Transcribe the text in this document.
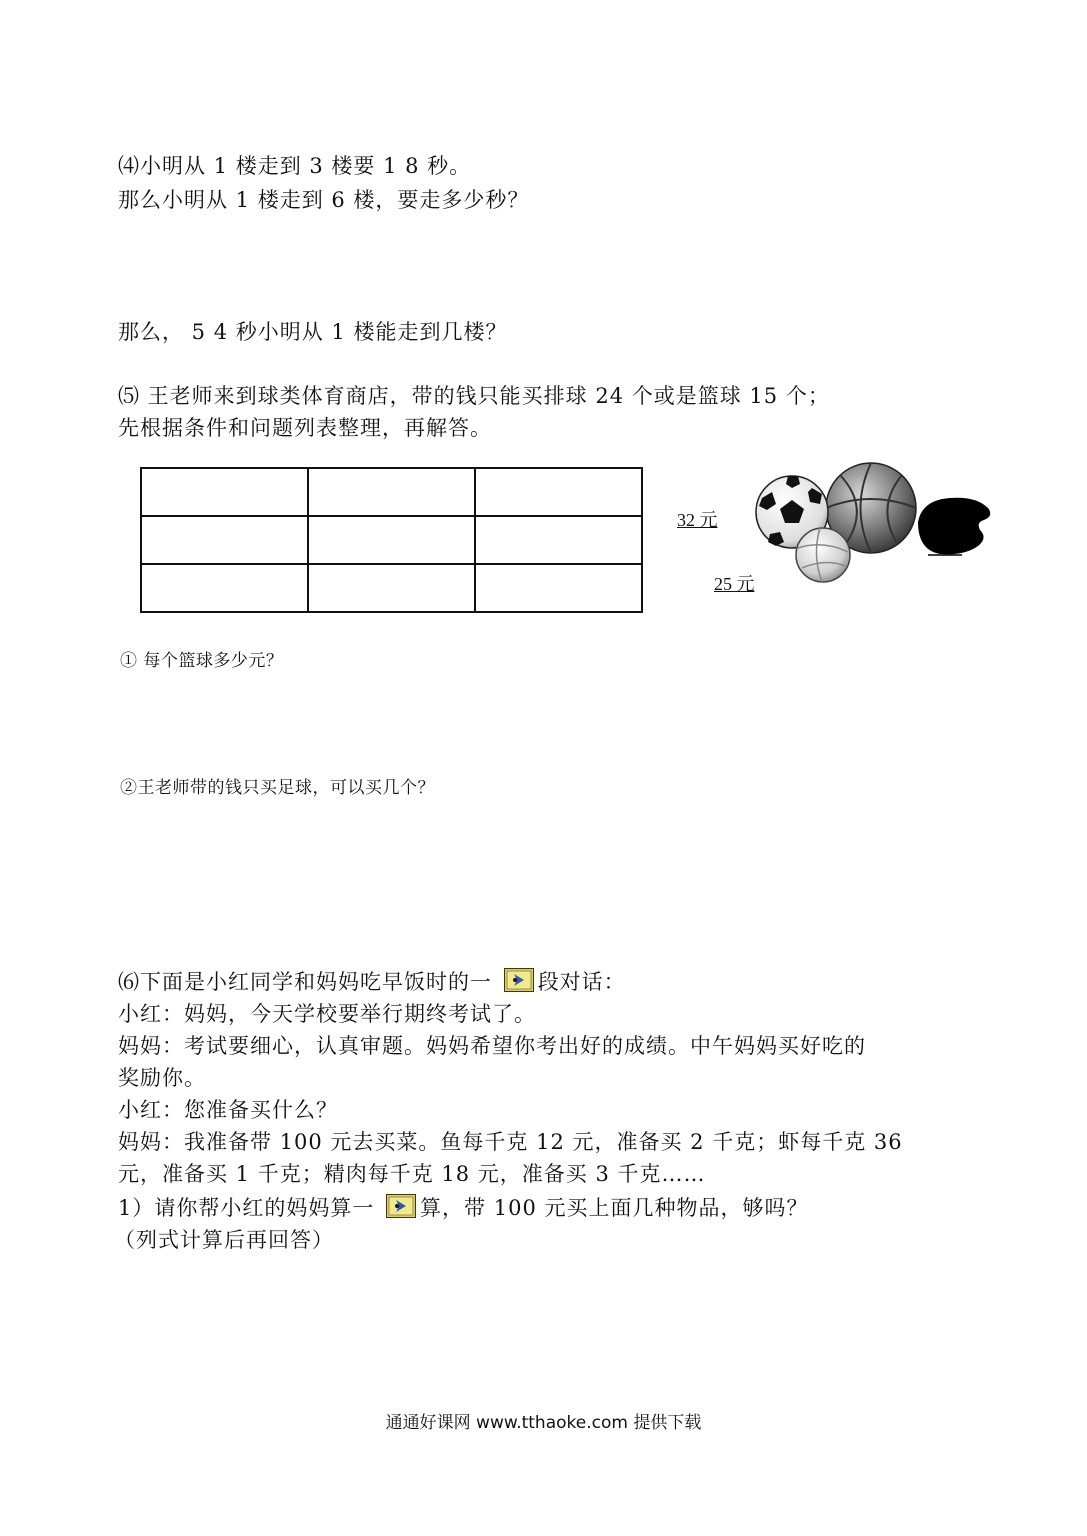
⑷小明从 1 楼走到 3 楼要 1 8 秒。
那么小明从 1 楼走到 6 楼，要走多少秒？
那么， 5 4 秒小明从 1 楼能走到几楼？
⑸ 王老师来到球类体育商店，带的钱只能买排球 24 个或是篮球 15 个；
先根据条件和问题列表整理，再解答。

32 元
25 元
① 每个篮球多少元？
②王老师带的钱只买足球，可以买几个？
⑹下面是小红同学和妈妈吃早饭时的一 段对话：
小红：妈妈，今天学校要举行期终考试了。
妈妈：考试要细心，认真审题。妈妈希望你考出好的成绩。中午妈妈买好吃的
奖励你。
小红：您准备买什么？
妈妈：我准备带 100 元去买菜。鱼每千克 12 元，准备买 2 千克；虾每千克 36
元，准备买 1 千克；精肉每千克 18 元，准备买 3 千克……
1）请你帮小红的妈妈算一 算，带 100 元买上面几种物品，够吗？
（列式计算后再回答）
通通好课网 www.tthaoke.com 提供下载
